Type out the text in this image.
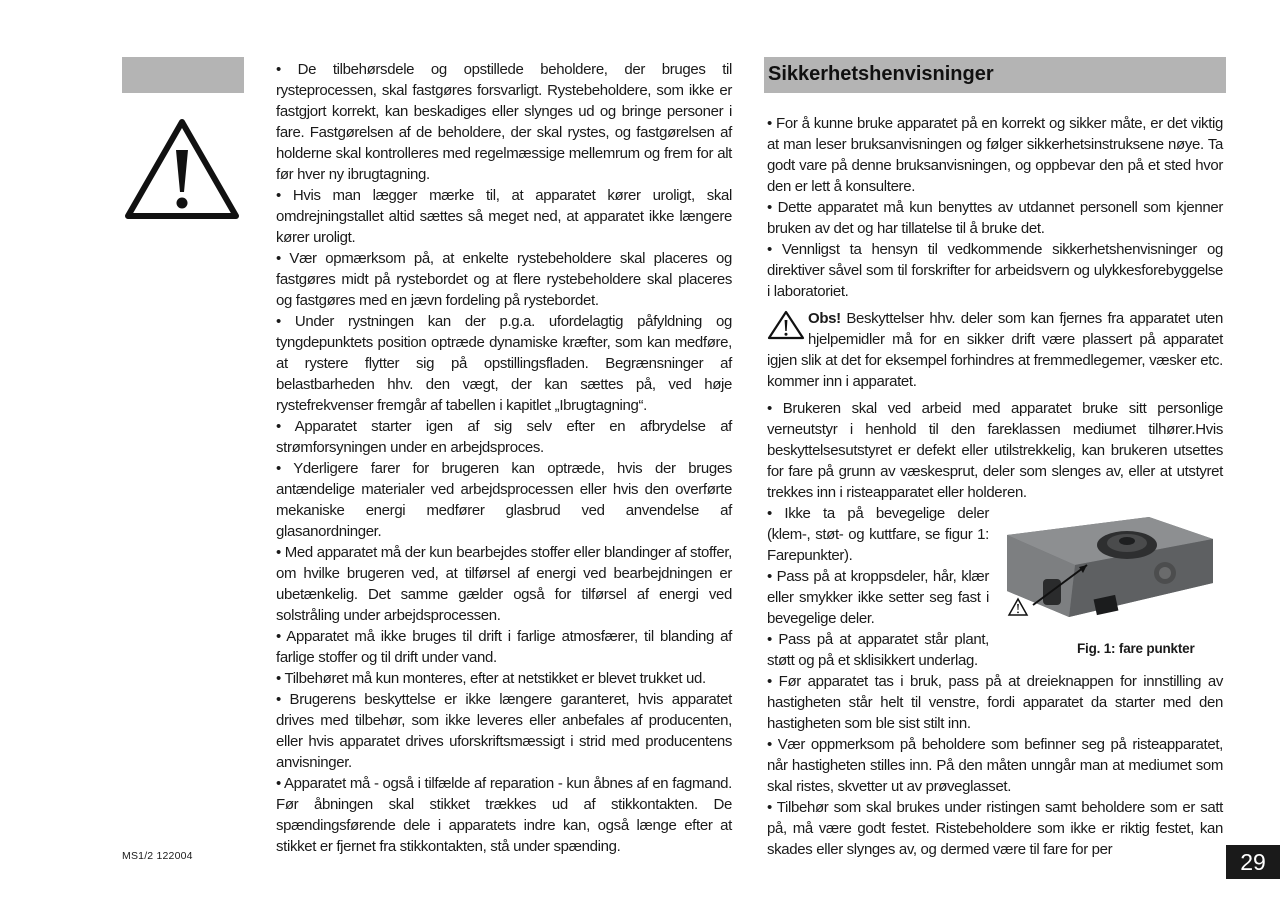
MS1/2 122004

• De tilbehørsdele og opstillede beholdere, der bruges til rysteprocessen, skal fastgøres forsvarligt. Rystebeholdere, som ikke er fastgjort korrekt, kan beskadiges eller slynges ud og bringe personer i fare. Fastgørelsen af de beholdere, der skal rystes, og fastgørelsen af holderne skal kontrolleres med regelmæssige mellemrum og frem for alt før hver ny ibrugtagning.

• Hvis man lægger mærke til, at apparatet kører uroligt, skal omdrejningstallet altid sættes så meget ned, at apparatet ikke længere kører uroligt.

• Vær opmærksom på, at enkelte rystebeholdere skal placeres og fastgøres midt på rystebordet og at flere rystebeholdere skal placeres og fastgøres med en jævn fordeling på rystebordet.

• Under rystningen kan der p.g.a. ufordelagtig påfyldning og tyngdepunktets position optræde dynamiske kræfter, som kan medføre, at rystere flytter sig på opstillingsfladen. Begrænsninger af belastbarheden hhv. den vægt, der kan sættes på, ved høje rystefrekvenser fremgår af tabellen i kapitlet „Ibrugtagning“.

• Apparatet starter igen af sig selv efter en afbrydelse af strømforsyningen under en arbejdsproces.

• Yderligere farer for brugeren kan optræde, hvis der bruges antændelige materialer ved arbejdsprocessen eller hvis den overførte mekaniske energi medfører glasbrud ved anvendelse af glasanordninger.

• Med apparatet må der kun bearbejdes stoffer eller blandinger af stoffer, om hvilke brugeren ved, at tilførsel af energi ved bearbejdningen er ubetænkelig. Det samme gælder også for tilførsel af energi ved solstråling under arbejdsprocessen.

• Apparatet må ikke bruges til drift i farlige atmosfærer, til blanding af farlige stoffer og til drift under vand.

• Tilbehøret må kun monteres, efter at netstikket er blevet trukket ud.

• Brugerens beskyttelse er ikke længere garanteret, hvis apparatet drives med tilbehør, som ikke leveres eller anbefales af producenten, eller hvis apparatet drives uforskriftsmæssigt i strid med producentens anvisninger.

• Apparatet må - også i tilfælde af reparation - kun åbnes af en fagmand. Før åbningen skal stikket trækkes ud af stikkontakten. De spændingsførende dele i apparatets indre kan, også længe efter at stikket er fjernet fra stikkontakten, stå under spænding.

Sikkerhetshenvisninger

• For å kunne bruke apparatet på en korrekt og sikker måte, er det viktig at man leser bruksanvisningen og følger sikkerhetsinstruksene nøye. Ta godt vare på denne bruksanvisningen, og oppbevar den på et sted hvor den er lett å konsultere.

• Dette apparatet må kun benyttes av utdannet personell som kjenner bruken av det og har tillatelse til å bruke det.

• Vennligst ta hensyn til vedkommende sikkerhetshenvisninger og direktiver såvel som til forskrifter for arbeidsvern og ulykkesforebyggelse i laboratoriet.

Obs! Beskyttelser hhv. deler som kan fjernes fra apparatet uten hjelpemidler må for en sikker drift være plassert på apparatet igjen slik at det for eksempel forhindres at fremmedlegemer, væsker etc. kommer inn i apparatet.

• Brukeren skal ved arbeid med apparatet bruke sitt personlige verneutstyr i henhold til den fareklassen mediumet tilhører.Hvis beskyttelsesutstyret er defekt eller utilstrekkelig, kan brukeren utsettes for fare på grunn av væskesprut, deler som slenges av, eller at utstyret trekkes inn i risteapparatet eller holderen.

Fig. 1: fare punkter

• Ikke ta på bevegelige deler (klem-, støt- og kuttfare, se figur 1: Farepunkter).

• Pass på at kroppsdeler, hår, klær eller smykker ikke setter seg fast i bevegelige deler.

• Pass på at apparatet står plant, støtt og på et sklisikkert underlag.

• Før apparatet tas i bruk, pass på at dreieknappen for innstilling av hastigheten står helt til venstre, fordi apparatet da starter med den hastigheten som ble sist stilt inn.

• Vær oppmerksom på beholdere som befinner seg på risteapparatet, når hastigheten stilles inn. På den måten unngår man at mediumet som skal ristes, skvetter ut av prøveglasset.

• Tilbehør som skal brukes under ristingen samt beholdere som er satt på, må være godt festet. Ristebeholdere som ikke er riktig festet, kan skades eller slynges av, og dermed være til fare for per	29
